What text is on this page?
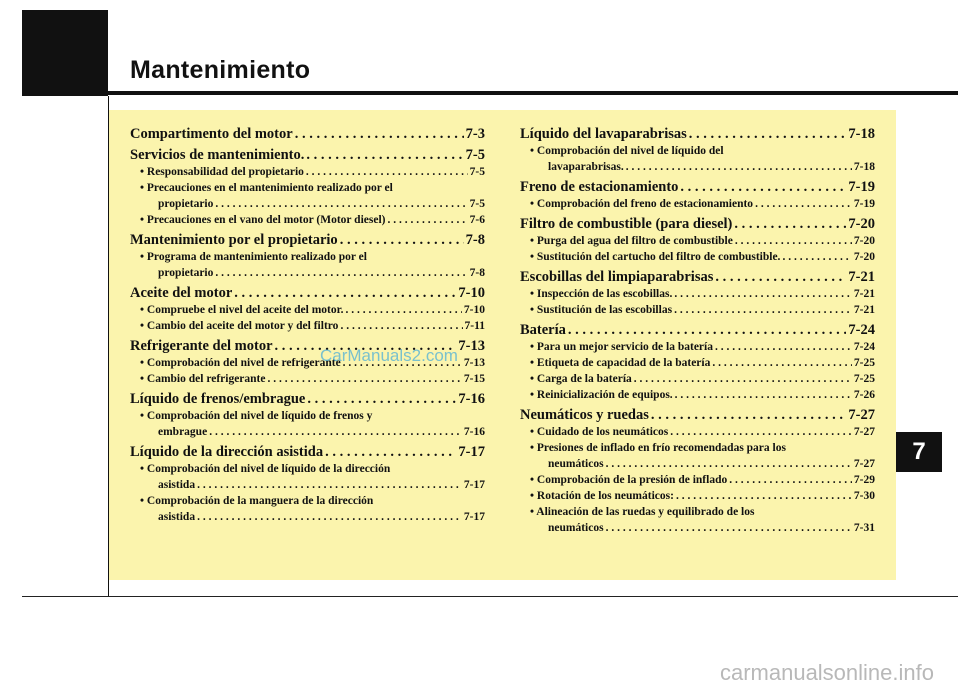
Mantenimiento
7
Compartimento del motor . . .	7-3
Servicios de mantenimiento. . . .	7-5
• Responsabilidad del propietario . . .	7-5
• Precauciones en el mantenimiento realizado por el
propietario . . .	7-5
• Precauciones en el vano del motor (Motor diesel) . . .	7-6
Mantenimiento por el propietario . . .	7-8
• Programa de mantenimiento realizado por el
propietario . . .	7-8
Aceite del motor . . .	7-10
• Compruebe el nivel del aceite del motor. . . .	7-10
• Cambio del aceite del motor y del filtro . . .	7-11
Refrigerante del motor . . .	7-13
• Comprobación del nivel de refrigerante . . .	7-13
• Cambio del refrigerante . . .	7-15
Líquido de frenos/embrague . . .	7-16
• Comprobación del nivel de líquido de frenos y
embrague . . .	7-16
Líquido de la dirección asistida . . .	7-17
• Comprobación del nivel de líquido de la dirección
asistida . . .	7-17
• Comprobación de la manguera de la dirección
asistida . . .	7-17
Líquido del lavaparabrisas . . .	7-18
• Comprobación del nivel de líquido del
lavaparabrisas. . . .	7-18
Freno de estacionamiento . . .	7-19
• Comprobación del freno de estacionamiento . . .	7-19
Filtro de combustible (para diesel) . . .	7-20
• Purga del agua del filtro de combustible . . .	7-20
• Sustitución del cartucho del filtro de combustible. . . .	7-20
Escobillas del limpiaparabrisas . . .	7-21
• Inspección de las escobillas. . . .	7-21
• Sustitución de las escobillas . . .	7-21
Batería . . .	7-24
• Para un mejor servicio de la batería . . .	7-24
• Etiqueta de capacidad de la batería . . .	7-25
• Carga de la batería . . .	7-25
• Reinicialización de equipos. . . .	7-26
Neumáticos y ruedas . . .	7-27
• Cuidado de los neumáticos . . .	7-27
• Presiones de inflado en frío recomendadas para los
neumáticos . . .	7-27
• Comprobación de la presión de inflado . . .	7-29
• Rotación de los neumáticos: . . .	7-30
• Alineación de las ruedas y equilibrado de los
neumáticos . . .	7-31
CarManuals2.com
carmanualsonline.info
